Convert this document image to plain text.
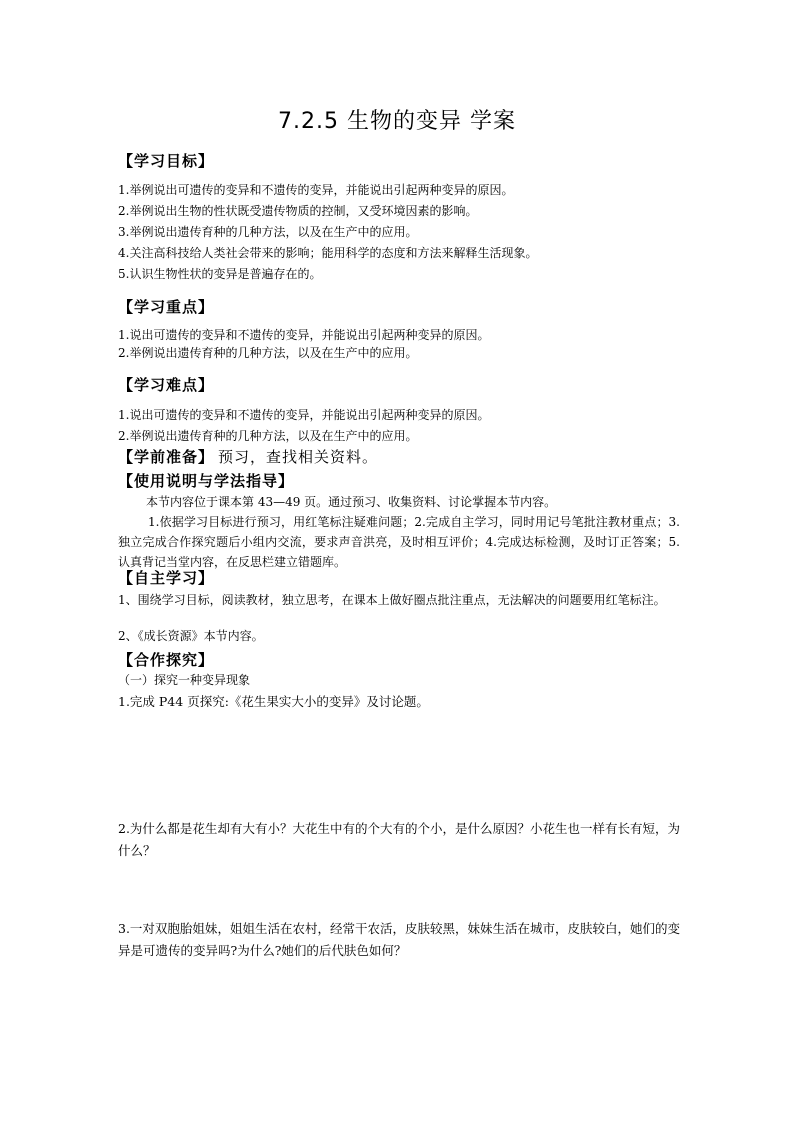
7.2.5 生物的变异 学案
【学习目标】
1.举例说出可遗传的变异和不遗传的变异，并能说出引起两种变异的原因。
2.举例说出生物的性状既受遗传物质的控制，又受环境因素的影响。
3.举例说出遗传育种的几种方法，以及在生产中的应用。
4.关注高科技给人类社会带来的影响；能用科学的态度和方法来解释生活现象。
5.认识生物性状的变异是普遍存在的。
【学习重点】
1.说出可遗传的变异和不遗传的变异，并能说出引起两种变异的原因。
2.举例说出遗传育种的几种方法，以及在生产中的应用。
【学习难点】
1.说出可遗传的变异和不遗传的变异，并能说出引起两种变异的原因。
2.举例说出遗传育种的几种方法，以及在生产中的应用。
【学前准备】 预习，查找相关资料。
【使用说明与学法指导】
本节内容位于课本第 43—49 页。通过预习、收集资料、讨论掌握本节内容。
1.依据学习目标进行预习，用红笔标注疑难问题；2.完成自主学习，同时用记号笔批注教材重点；3.独立完成合作探究题后小组内交流，要求声音洪亮，及时相互评价；4.完成达标检测，及时订正答案；5.认真背记当堂内容，在反思栏建立错题库。
【自主学习】
1、围绕学习目标，阅读教材，独立思考，在课本上做好圈点批注重点，无法解决的问题要用红笔标注。
2、《成长资源》本节内容。
【合作探究】
（一）探究一种变异现象
1.完成 P44 页探究:《花生果实大小的变异》及讨论题。
2.为什么都是花生却有大有小？大花生中有的个大有的个小，是什么原因？小花生也一样有长有短，为什么？
3.一对双胞胎姐妹，姐姐生活在农村，经常干农活，皮肤较黑，妹妹生活在城市，皮肤较白，她们的变异是可遗传的变异吗?为什么?她们的后代肤色如何？
